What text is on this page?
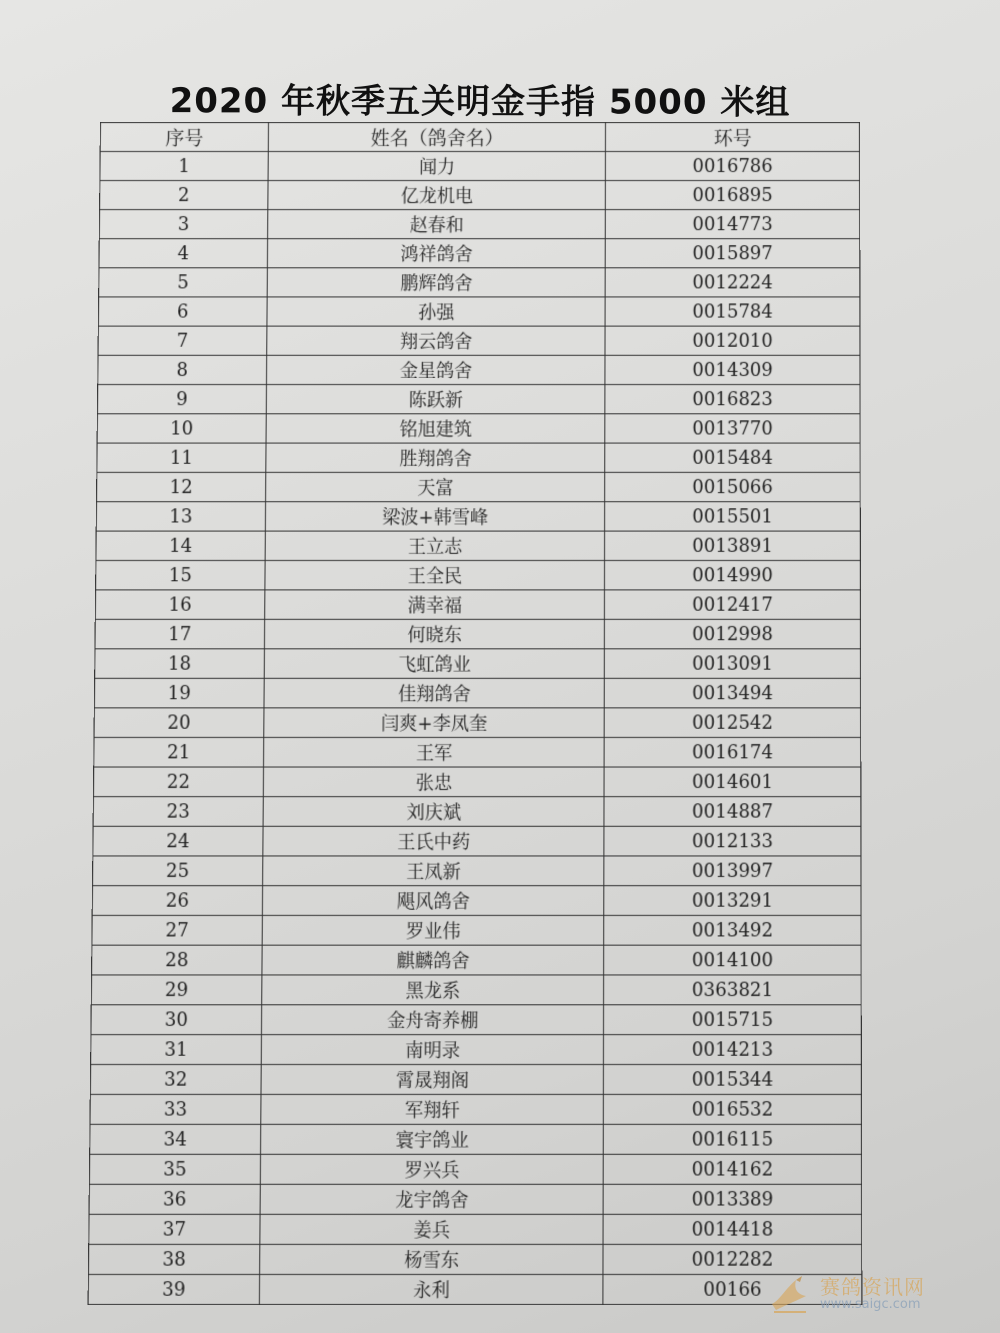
2020 年秋季五关明金手指 5000 米组
序号	姓名（鸽舍名）	环号
1	闻力	0016786
2	亿龙机电	0016895
3	赵春和	0014773
4	鸿祥鸽舍	0015897
5	鹏辉鸽舍	0012224
6	孙强	0015784
7	翔云鸽舍	0012010
8	金星鸽舍	0014309
9	陈跃新	0016823
10	铭旭建筑	0013770
11	胜翔鸽舍	0015484
12	天富	0015066
13	梁波+韩雪峰	0015501
14	王立志	0013891
15	王全民	0014990
16	满幸福	0012417
17	何晓东	0012998
18	飞虹鸽业	0013091
19	佳翔鸽舍	0013494
20	闫爽+李凤奎	0012542
21	王军	0016174
22	张忠	0014601
23	刘庆斌	0014887
24	王氏中药	0012133
25	王凤新	0013997
26	飓风鸽舍	0013291
27	罗业伟	0013492
28	麒麟鸽舍	0014100
29	黑龙系	0363821
30	金舟寄养棚	0015715
31	南明录	0014213
32	霄晟翔阁	0015344
33	军翔轩	0016532
34	寰宇鸽业	0016115
35	罗兴兵	0014162
36	龙宇鸽舍	0013389
37	姜兵	0014418
38	杨雪东	0012282
39	永利	00166	赛鸽资讯网
www.saigc.com
